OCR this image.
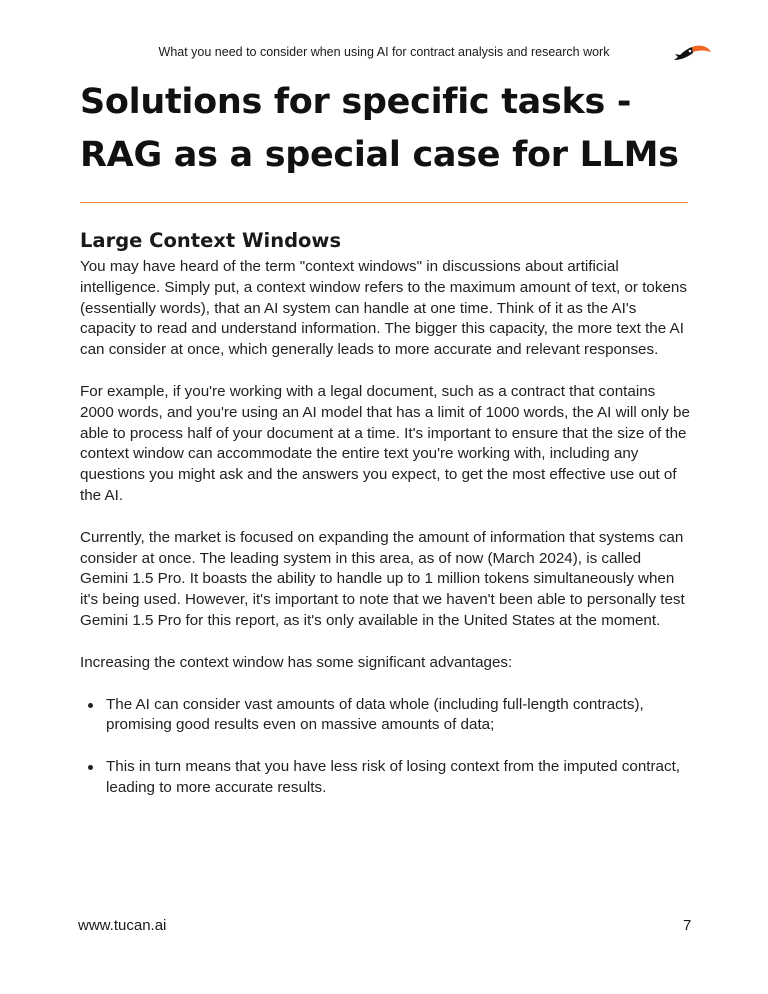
What you need to consider when using AI for contract analysis and research work
Solutions for specific tasks -
RAG as a special case for LLMs
Large Context Windows

You may have heard of the term "context windows" in discussions about artificial intelligence. Simply put, a context window refers to the maximum amount of text, or tokens (essentially words), that an AI system can handle at one time. Think of it as the AI's capacity to read and understand information. The bigger this capacity, the more text the AI can consider at once, which generally leads to more accurate and relevant responses.

For example, if you're working with a legal document, such as a contract that contains 2000 words, and you're using an AI model that has a limit of 1000 words, the AI will only be able to process half of your document at a time. It's important to ensure that the size of the context window can accommodate the entire text you're working with, including any questions you might ask and the answers you expect, to get the most effective use out of the AI.

Currently, the market is focused on expanding the amount of information that systems can consider at once. The leading system in this area, as of now (March 2024), is called Gemini 1.5 Pro. It boasts the ability to handle up to 1 million tokens simultaneously when it's being used. However, it's important to note that we haven't been able to personally test Gemini 1.5 Pro for this report, as it's only available in the United States at the moment.

Increasing the context window has some significant advantages:

The AI can consider vast amounts of data whole (including full-length contracts), promising good results even on massive amounts of data;
This in turn means that you have less risk of losing context from the imputed contract, leading to more accurate results.
www.tucan.ai	7
